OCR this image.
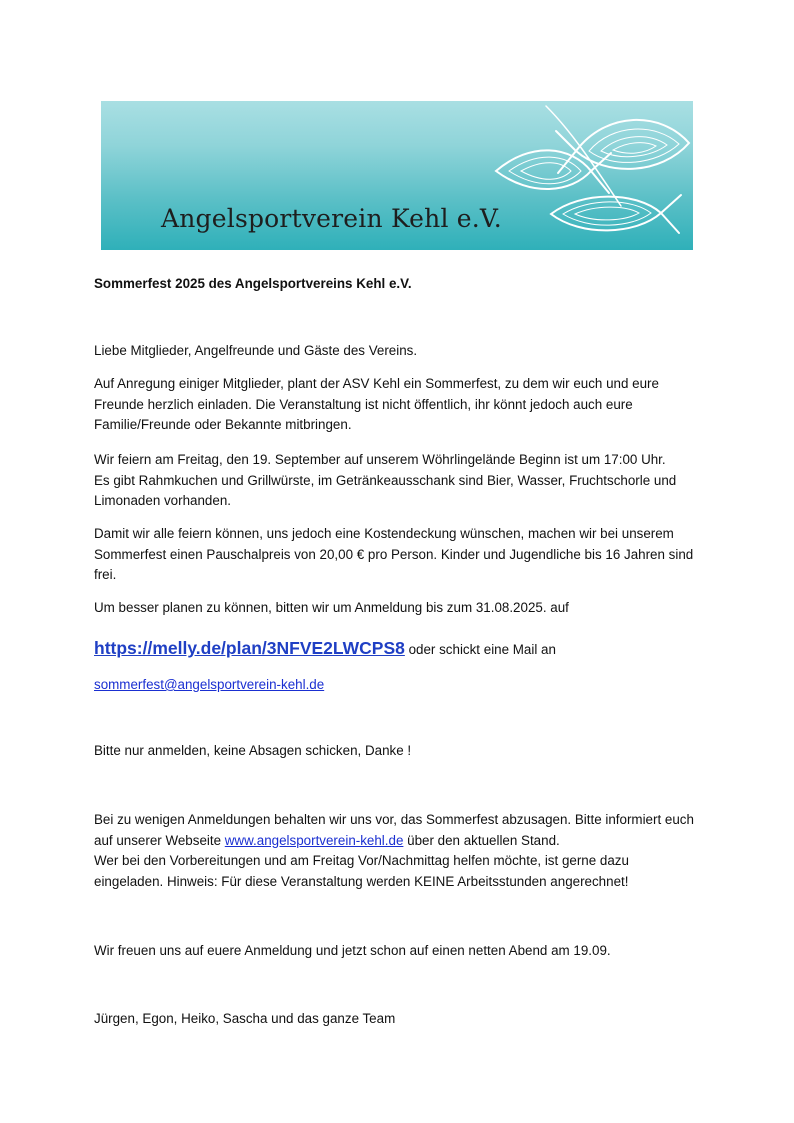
Angelsportverein Kehl e.V.

Sommerfest 2025 des Angelsportvereins Kehl e.V.

Liebe Mitglieder, Angelfreunde und Gäste des Vereins.

Auf Anregung einiger Mitglieder, plant der ASV Kehl ein Sommerfest, zu dem wir euch und eure
Freunde herzlich einladen. Die Veranstaltung ist nicht öffentlich, ihr könnt jedoch auch eure
Familie/Freunde oder Bekannte mitbringen.

Wir feiern am Freitag, den 19. September auf unserem Wöhrlingelände Beginn ist um 17:00 Uhr.
Es gibt Rahmkuchen und Grillwürste, im Getränkeausschank sind Bier, Wasser, Fruchtschorle und
Limonaden vorhanden.

Damit wir alle feiern können, uns jedoch eine Kostendeckung wünschen, machen wir bei unserem
Sommerfest einen Pauschalpreis von 20,00 € pro Person. Kinder und Jugendliche bis 16 Jahren sind
frei.

Um besser planen zu können, bitten wir um Anmeldung bis zum 31.08.2025. auf

https://melly.de/plan/3NFVE2LWCPS8 oder schickt eine Mail an

sommerfest@angelsportverein-kehl.de

Bitte nur anmelden, keine Absagen schicken, Danke !

Bei zu wenigen Anmeldungen behalten wir uns vor, das Sommerfest abzusagen. Bitte informiert euch
auf unserer Webseite www.angelsportverein-kehl.de über den aktuellen Stand.
Wer bei den Vorbereitungen und am Freitag Vor/Nachmittag helfen möchte, ist gerne dazu
eingeladen. Hinweis: Für diese Veranstaltung werden KEINE Arbeitsstunden angerechnet!

Wir freuen uns auf euere Anmeldung und jetzt schon auf einen netten Abend am 19.09.

Jürgen, Egon, Heiko, Sascha und das ganze Team
